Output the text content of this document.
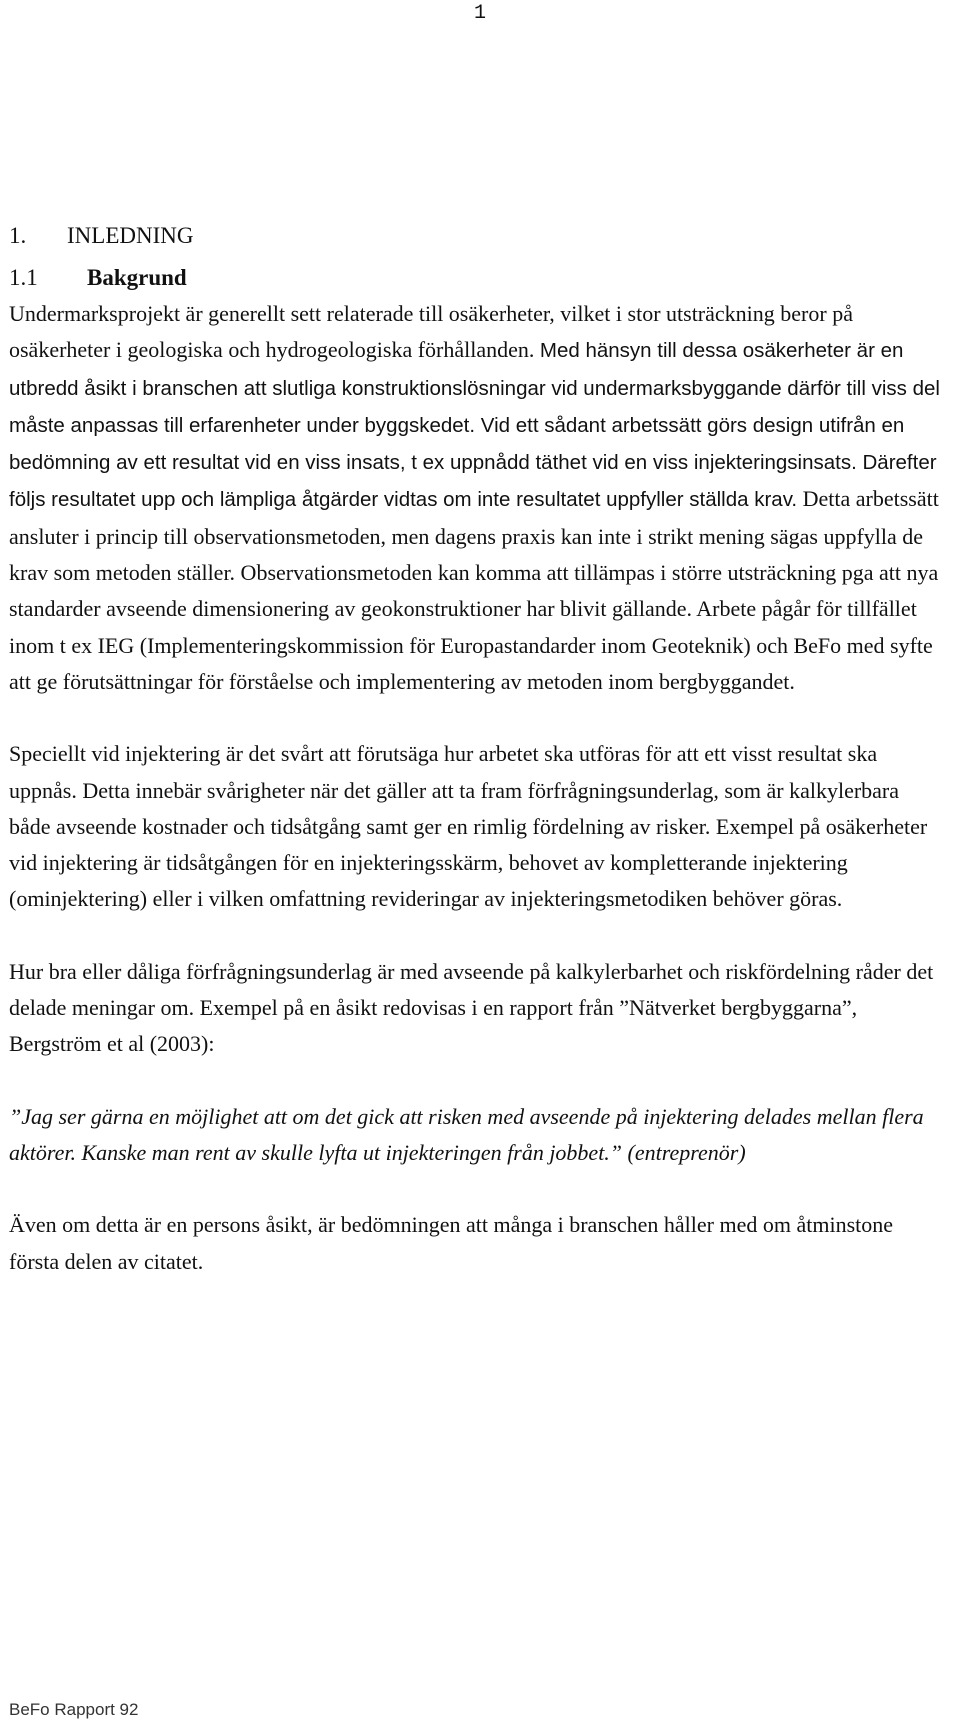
1
1. INLEDNING
1.1 Bakgrund

Undermarksprojekt är generellt sett relaterade till osäkerheter, vilket i stor utsträckning beror på osäkerheter i geologiska och hydrogeologiska förhållanden. Med hänsyn till dessa osäkerheter är en utbredd åsikt i branschen att slutliga konstruktionslösningar vid undermarksbyggande därför till viss del måste anpassas till erfarenheter under byggskedet. Vid ett sådant arbetssätt görs design utifrån en bedömning av ett resultat vid en viss insats, t ex uppnådd täthet vid en viss injekteringsinsats. Därefter följs resultatet upp och lämpliga åtgärder vidtas om inte resultatet uppfyller ställda krav. Detta arbetssätt ansluter i princip till observationsmetoden, men dagens praxis kan inte i strikt mening sägas uppfylla de krav som metoden ställer. Observationsmetoden kan komma att tillämpas i större utsträckning pga att nya standarder avseende dimensionering av geokonstruktioner har blivit gällande. Arbete pågår för tillfället inom t ex IEG (Implementeringskommission för Europastandarder inom Geoteknik) och BeFo med syfte att ge förutsättningar för förståelse och implementering av metoden inom bergbyggandet.

Speciellt vid injektering är det svårt att förutsäga hur arbetet ska utföras för att ett visst resultat ska uppnås. Detta innebär svårigheter när det gäller att ta fram förfrågningsunderlag, som är kalkylerbara både avseende kostnader och tidsåtgång samt ger en rimlig fördelning av risker. Exempel på osäkerheter vid injektering är tidsåtgången för en injekteringsskärm, behovet av kompletterande injektering (ominjektering) eller i vilken omfattning revideringar av injekteringsmetodiken behöver göras.

Hur bra eller dåliga förfrågningsunderlag är med avseende på kalkylerbarhet och riskfördelning råder det delade meningar om. Exempel på en åsikt redovisas i en rapport från ”Nätverket bergbyggarna”, Bergström et al (2003):

”Jag ser gärna en möjlighet att om det gick att risken med avseende på injektering delades mellan flera aktörer. Kanske man rent av skulle lyfta ut injekteringen från jobbet.” (entreprenör)

Även om detta är en persons åsikt, är bedömningen att många i branschen håller med om åtminstone första delen av citatet.

BeFo Rapport 92
